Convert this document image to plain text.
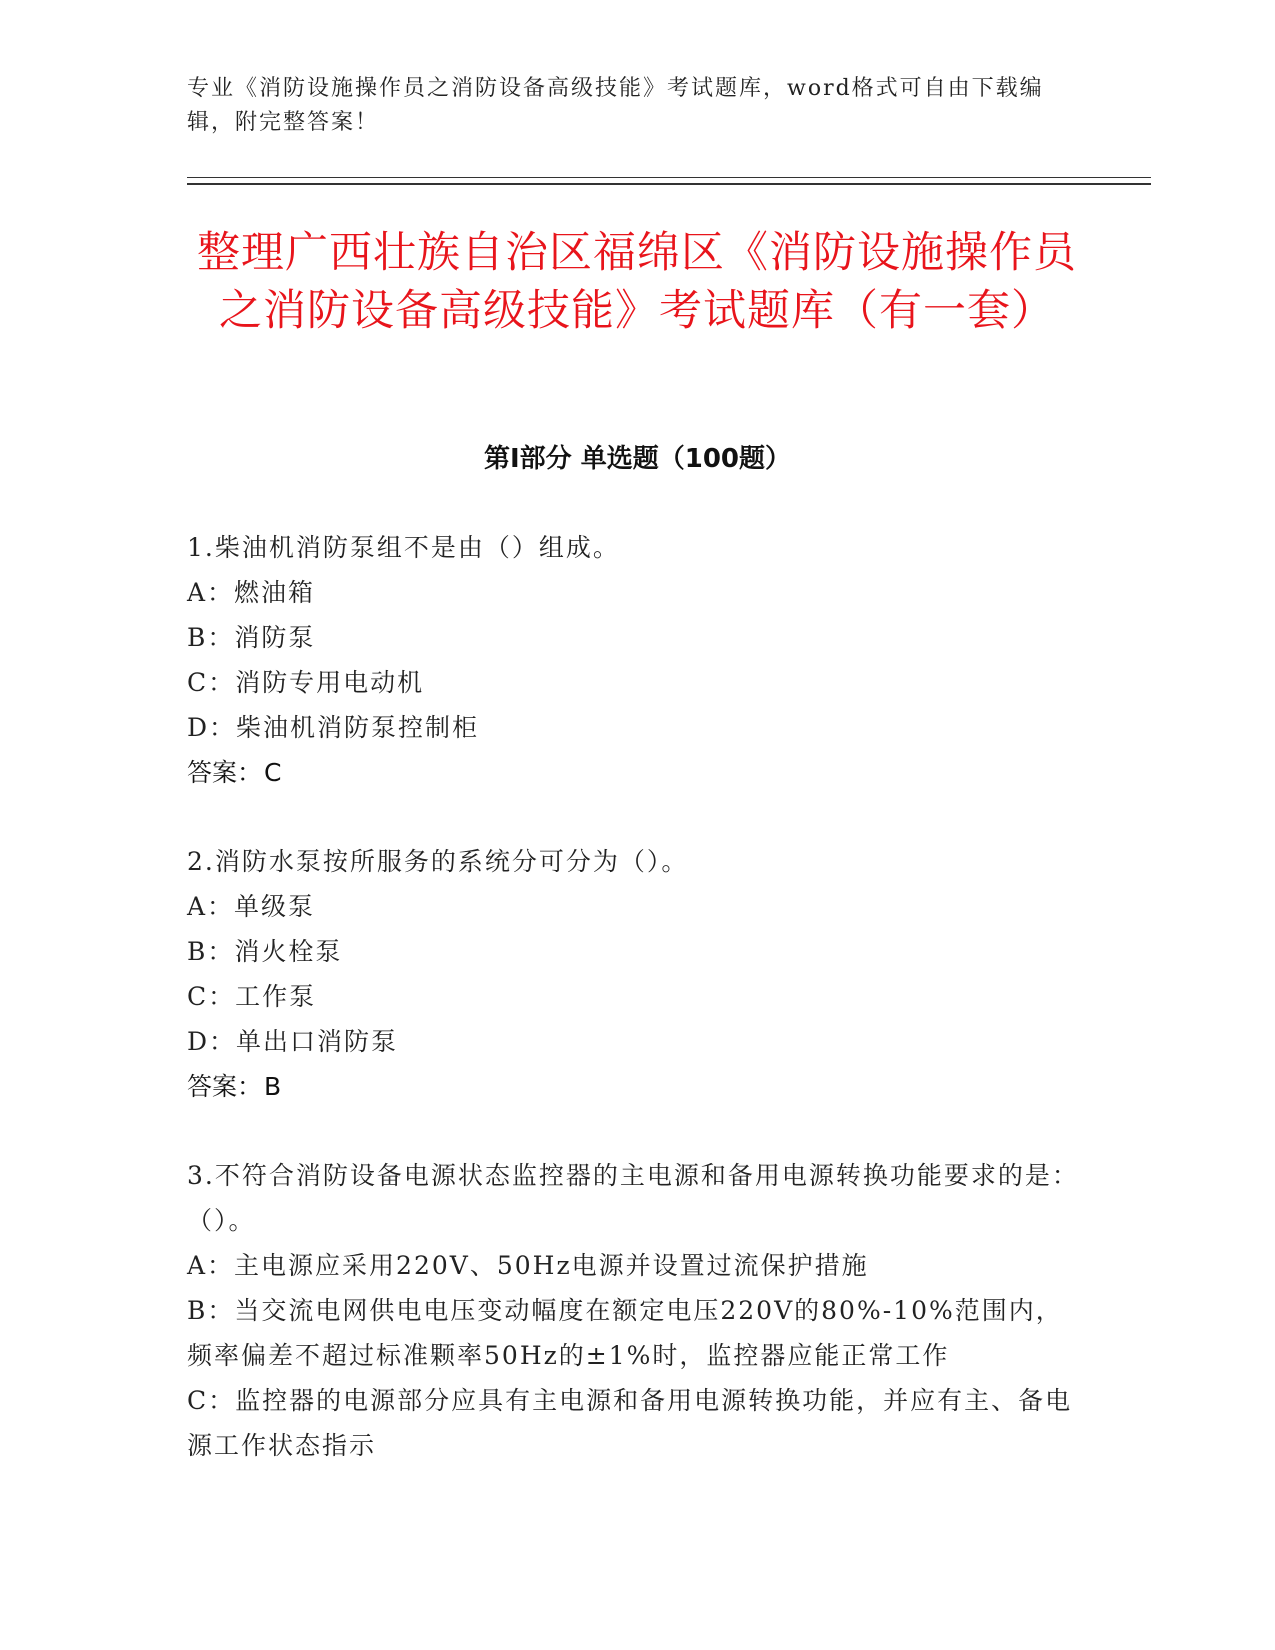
专业《消防设施操作员之消防设备高级技能》考试题库，word格式可自由下载编辑，附完整答案！
整理广西壮族自治区福绵区《消防设施操作员之消防设备高级技能》考试题库（有一套）
第Ⅰ部分 单选题（100题）
1.柴油机消防泵组不是由（）组成。
A：燃油箱
B：消防泵
C：消防专用电动机
D：柴油机消防泵控制柜
答案：C
2.消防水泵按所服务的系统分可分为（）。
A：单级泵
B：消火栓泵
C：工作泵
D：单出口消防泵
答案：B
3.不符合消防设备电源状态监控器的主电源和备用电源转换功能要求的是：（）。
A：主电源应采用220V、50Hz电源并设置过流保护措施
B：当交流电网供电电压变动幅度在额定电压220V的80%-10%范围内，频率偏差不超过标准颗率50Hz的±1%时，监控器应能正常工作
C：监控器的电源部分应具有主电源和备用电源转换功能，并应有主、备电源工作状态指示
